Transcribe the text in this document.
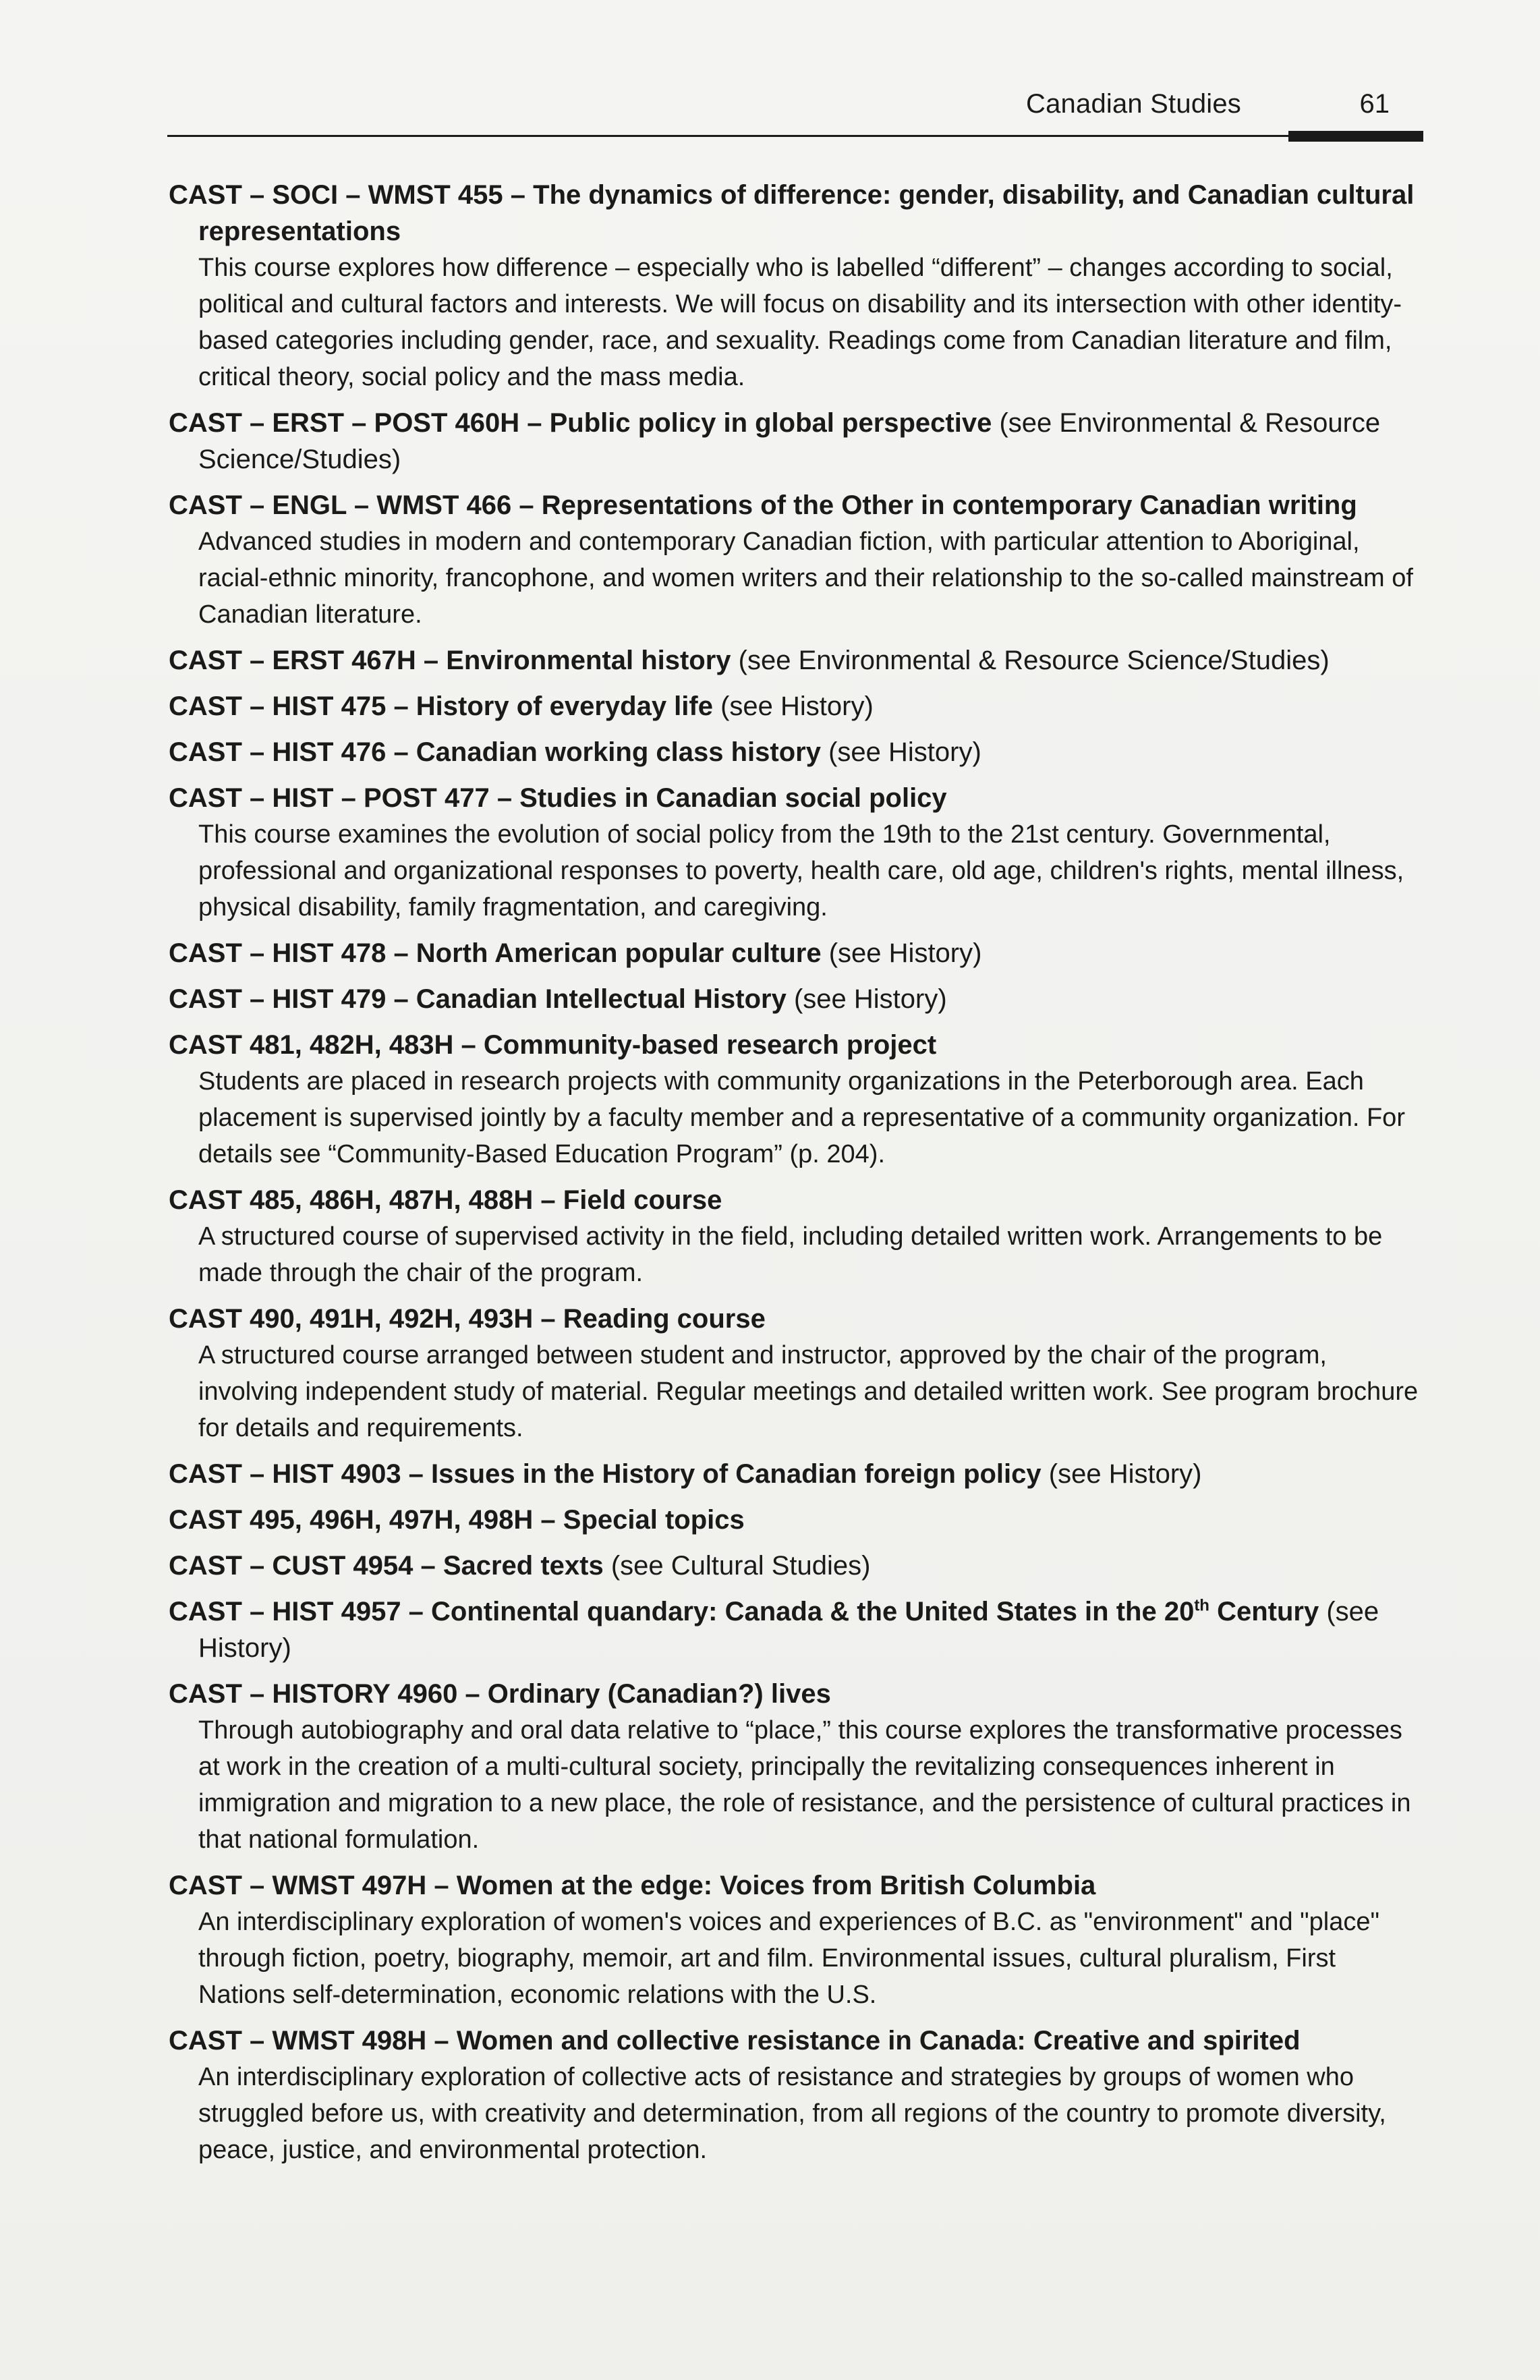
Canadian Studies	61
CAST – SOCI – WMST 455 – The dynamics of difference: gender, disability, and Canadian cultural representations
This course explores how difference – especially who is labelled “different” – changes according to social, political and cultural factors and interests. We will focus on disability and its intersection with other identity-based categories including gender, race, and sexuality. Readings come from Canadian literature and film, critical theory, social policy and the mass media.
CAST – ERST – POST 460H – Public policy in global perspective (see Environmental & Resource Science/Studies)
CAST – ENGL – WMST 466 – Representations of the Other in contemporary Canadian writing
Advanced studies in modern and contemporary Canadian fiction, with particular attention to Aboriginal, racial-ethnic minority, francophone, and women writers and their relationship to the so-called mainstream of Canadian literature.
CAST – ERST 467H – Environmental history (see Environmental & Resource Science/Studies)
CAST – HIST 475 – History of everyday life (see History)
CAST – HIST 476 – Canadian working class history (see History)
CAST – HIST – POST 477 – Studies in Canadian social policy
This course examines the evolution of social policy from the 19th to the 21st century. Governmental, professional and organizational responses to poverty, health care, old age, children's rights, mental illness, physical disability, family fragmentation, and caregiving.
CAST – HIST 478 – North American popular culture (see History)
CAST – HIST 479 – Canadian Intellectual History (see History)
CAST 481, 482H, 483H – Community-based research project
Students are placed in research projects with community organizations in the Peterborough area. Each placement is supervised jointly by a faculty member and a representative of a community organization. For details see “Community-Based Education Program” (p. 204).
CAST 485, 486H, 487H, 488H – Field course
A structured course of supervised activity in the field, including detailed written work. Arrangements to be made through the chair of the program.
CAST 490, 491H, 492H, 493H – Reading course
A structured course arranged between student and instructor, approved by the chair of the program, involving independent study of material. Regular meetings and detailed written work. See program brochure for details and requirements.
CAST – HIST 4903 – Issues in the History of Canadian foreign policy (see History)
CAST 495, 496H, 497H, 498H – Special topics
CAST – CUST 4954 – Sacred texts (see Cultural Studies)
CAST – HIST 4957 – Continental quandary: Canada & the United States in the 20th Century (see History)
CAST – HISTORY 4960 – Ordinary (Canadian?) lives
Through autobiography and oral data relative to “place,” this course explores the transformative processes at work in the creation of a multi-cultural society, principally the revitalizing consequences inherent in immigration and migration to a new place, the role of resistance, and the persistence of cultural practices in that national formulation.
CAST – WMST 497H – Women at the edge: Voices from British Columbia
An interdisciplinary exploration of women's voices and experiences of B.C. as "environment" and "place" through fiction, poetry, biography, memoir, art and film. Environmental issues, cultural pluralism, First Nations self-determination, economic relations with the U.S.
CAST – WMST 498H – Women and collective resistance in Canada: Creative and spirited
An interdisciplinary exploration of collective acts of resistance and strategies by groups of women who struggled before us, with creativity and determination, from all regions of the country to promote diversity, peace, justice, and environmental protection.
